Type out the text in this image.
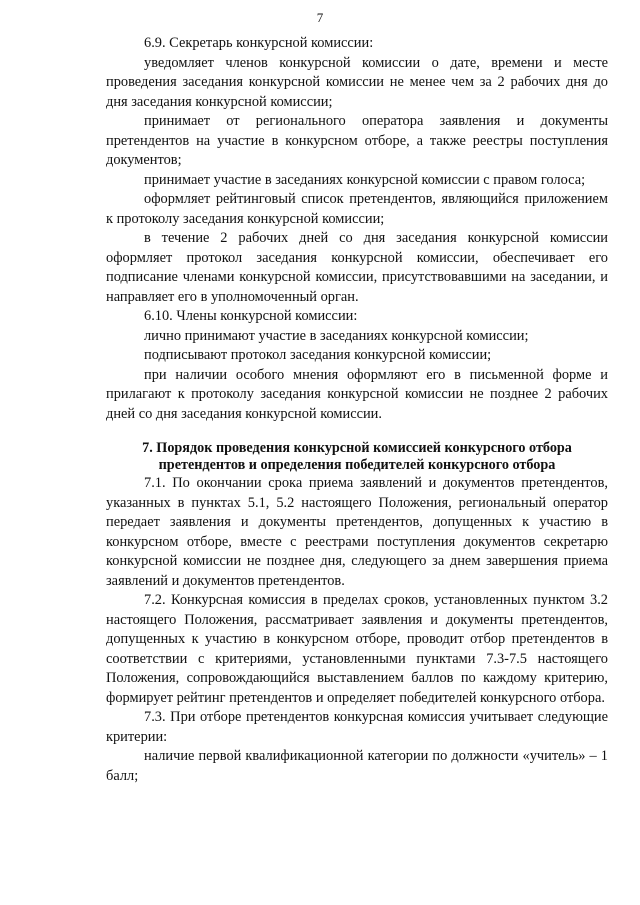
7

6.9. Секретарь конкурсной комиссии:

уведомляет членов конкурсной комиссии о дате, времени и месте проведения заседания конкурсной комиссии не менее чем за 2 рабочих дня до дня заседания конкурсной комиссии;

принимает от регионального оператора заявления и документы претендентов на участие в конкурсном отборе, а также реестры поступления документов;

принимает участие в заседаниях конкурсной комиссии с правом голоса;

оформляет рейтинговый список претендентов, являющийся приложением к протоколу заседания конкурсной комиссии;

в течение 2 рабочих дней со дня заседания конкурсной комиссии оформляет протокол заседания конкурсной комиссии, обеспечивает его подписание членами конкурсной комиссии, присутствовавшими на заседании, и направляет его в уполномоченный орган.

6.10. Члены конкурсной комиссии:

лично принимают участие в заседаниях конкурсной комиссии;

подписывают протокол заседания конкурсной комиссии;

при наличии особого мнения оформляют его в письменной форме и прилагают к протоколу заседания конкурсной комиссии не позднее 2 рабочих дней со дня заседания конкурсной комиссии.

7. Порядок проведения конкурсной комиссией конкурсного отбора
претендентов и определения победителей конкурсного отбора

7.1. По окончании срока приема заявлений и документов претендентов, указанных в пунктах 5.1, 5.2 настоящего Положения, региональный оператор передает заявления и документы претендентов, допущенных к участию в конкурсном отборе, вместе с реестрами поступления документов секретарю конкурсной комиссии не позднее дня, следующего за днем завершения приема заявлений и документов претендентов.

7.2. Конкурсная комиссия в пределах сроков, установленных пунктом 3.2 настоящего Положения, рассматривает заявления и документы претендентов, допущенных к участию в конкурсном отборе, проводит отбор претендентов в соответствии с критериями, установленными пунктами 7.3-7.5 настоящего Положения, сопровождающийся выставлением баллов по каждому критерию, формирует рейтинг претендентов и определяет победителей конкурсного отбора.

7.3. При отборе претендентов конкурсная комиссия учитывает следующие критерии:

наличие первой квалификационной категории по должности «учитель» – 1 балл;
